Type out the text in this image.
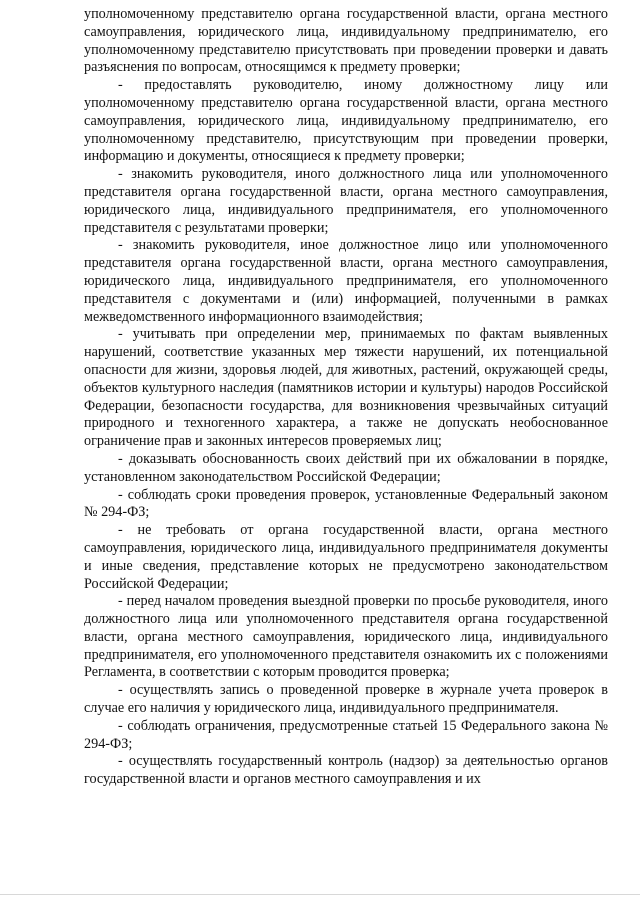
уполномоченному представителю органа государственной власти, органа местного самоуправления, юридического лица, индивидуальному предпринимателю, его уполномоченному представителю присутствовать при проведении проверки и давать разъяснения по вопросам, относящимся к предмету проверки;

- предоставлять руководителю, иному должностному лицу или уполномоченному представителю органа государственной власти, органа местного самоуправления, юридического лица, индивидуальному предпринимателю, его уполномоченному представителю, присутствующим при проведении проверки, информацию и документы, относящиеся к предмету проверки;

- знакомить руководителя, иного должностного лица или уполномоченного представителя органа государственной власти, органа местного самоуправления, юридического лица, индивидуального предпринимателя, его уполномоченного представителя с результатами проверки;

- знакомить руководителя, иное должностное лицо или уполномоченного представителя органа государственной власти, органа местного самоуправления, юридического лица, индивидуального предпринимателя, его уполномоченного представителя с документами и (или) информацией, полученными в рамках межведомственного информационного взаимодействия;

- учитывать при определении мер, принимаемых по фактам выявленных нарушений, соответствие указанных мер тяжести нарушений, их потенциальной опасности для жизни, здоровья людей, для животных, растений, окружающей среды, объектов культурного наследия (памятников истории и культуры) народов Российской Федерации, безопасности государства, для возникновения чрезвычайных ситуаций природного и техногенного характера, а также не допускать необоснованное ограничение прав и законных интересов проверяемых лиц;

- доказывать обоснованность своих действий при их обжаловании в порядке, установленном законодательством Российской Федерации;

- соблюдать сроки проведения проверок, установленные Федеральный законом № 294-ФЗ;

- не требовать от органа государственной власти, органа местного самоуправления, юридического лица, индивидуального предпринимателя документы и иные сведения, представление которых не предусмотрено законодательством Российской Федерации;

- перед началом проведения выездной проверки по просьбе руководителя, иного должностного лица или уполномоченного представителя органа государственной власти, органа местного самоуправления, юридического лица, индивидуального предпринимателя, его уполномоченного представителя ознакомить их с положениями Регламента, в соответствии с которым проводится проверка;

- осуществлять запись о проведенной проверке в журнале учета проверок в случае его наличия у юридического лица, индивидуального предпринимателя.

- соблюдать ограничения, предусмотренные статьей 15 Федерального закона № 294-ФЗ;

- осуществлять государственный контроль (надзор) за деятельностью органов государственной власти и органов местного самоуправления и их
